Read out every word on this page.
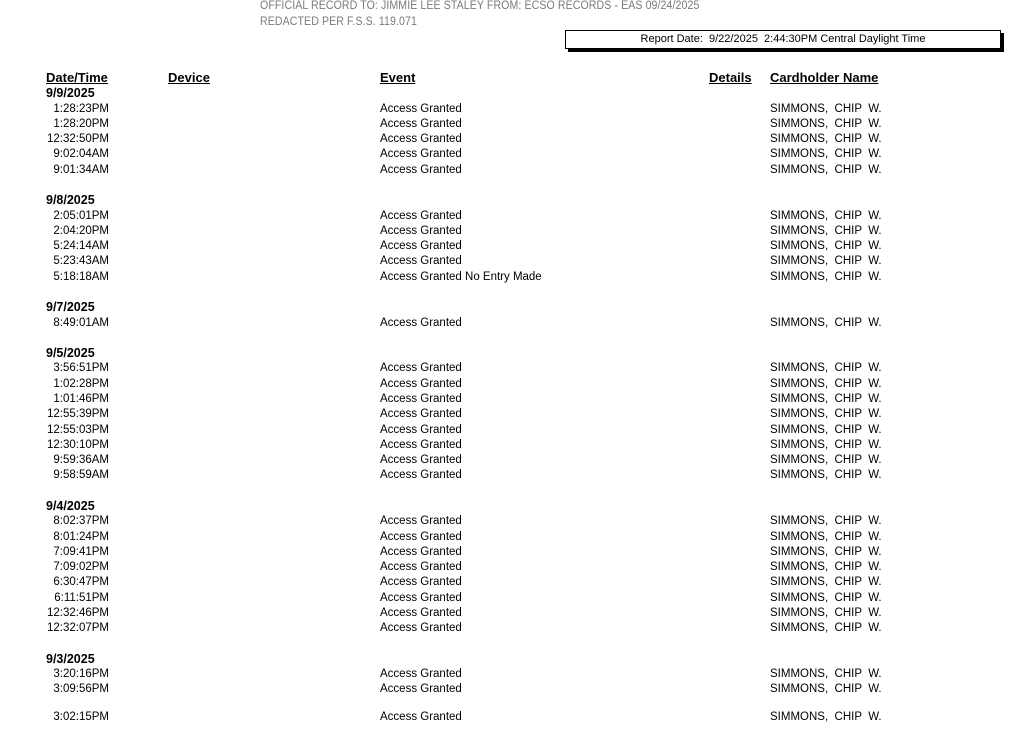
OFFICIAL RECORD TO: JIMMIE LEE STALEY FROM: ECSO RECORDS - EAS 09/24/2025
REDACTED PER F.S.S. 119.071
Report Date:  9/22/2025  2:44:30PM Central Daylight Time
Date/Time	Device	Event	Details Cardholder Name
9/9/2025
1:28:23PM	Access Granted	SIMMONS,  CHIP  W.
1:28:20PM	Access Granted	SIMMONS,  CHIP  W.
12:32:50PM	Access Granted	SIMMONS,  CHIP  W.
9:02:04AM	Access Granted	SIMMONS,  CHIP  W.
9:01:34AM	Access Granted	SIMMONS,  CHIP  W.
9/8/2025
2:05:01PM	Access Granted	SIMMONS,  CHIP  W.
2:04:20PM	Access Granted	SIMMONS,  CHIP  W.
5:24:14AM	Access Granted	SIMMONS,  CHIP  W.
5:23:43AM	Access Granted	SIMMONS,  CHIP  W.
5:18:18AM	Access Granted No Entry Made	SIMMONS,  CHIP  W.
9/7/2025
8:49:01AM	Access Granted	SIMMONS,  CHIP  W.
9/5/2025
3:56:51PM	Access Granted	SIMMONS,  CHIP  W.
1:02:28PM	Access Granted	SIMMONS,  CHIP  W.
1:01:46PM	Access Granted	SIMMONS,  CHIP  W.
12:55:39PM	Access Granted	SIMMONS,  CHIP  W.
12:55:03PM	Access Granted	SIMMONS,  CHIP  W.
12:30:10PM	Access Granted	SIMMONS,  CHIP  W.
9:59:36AM	Access Granted	SIMMONS,  CHIP  W.
9:58:59AM	Access Granted	SIMMONS,  CHIP  W.
9/4/2025
8:02:37PM	Access Granted	SIMMONS,  CHIP  W.
8:01:24PM	Access Granted	SIMMONS,  CHIP  W.
7:09:41PM	Access Granted	SIMMONS,  CHIP  W.
7:09:02PM	Access Granted	SIMMONS,  CHIP  W.
6:30:47PM	Access Granted	SIMMONS,  CHIP  W.
6:11:51PM	Access Granted	SIMMONS,  CHIP  W.
12:32:46PM	Access Granted	SIMMONS,  CHIP  W.
12:32:07PM	Access Granted	SIMMONS,  CHIP  W.
9/3/2025
3:20:16PM	Access Granted	SIMMONS,  CHIP  W.
3:09:56PM	Access Granted	SIMMONS,  CHIP  W.
3:02:15PM	Access Granted	SIMMONS,  CHIP  W.
